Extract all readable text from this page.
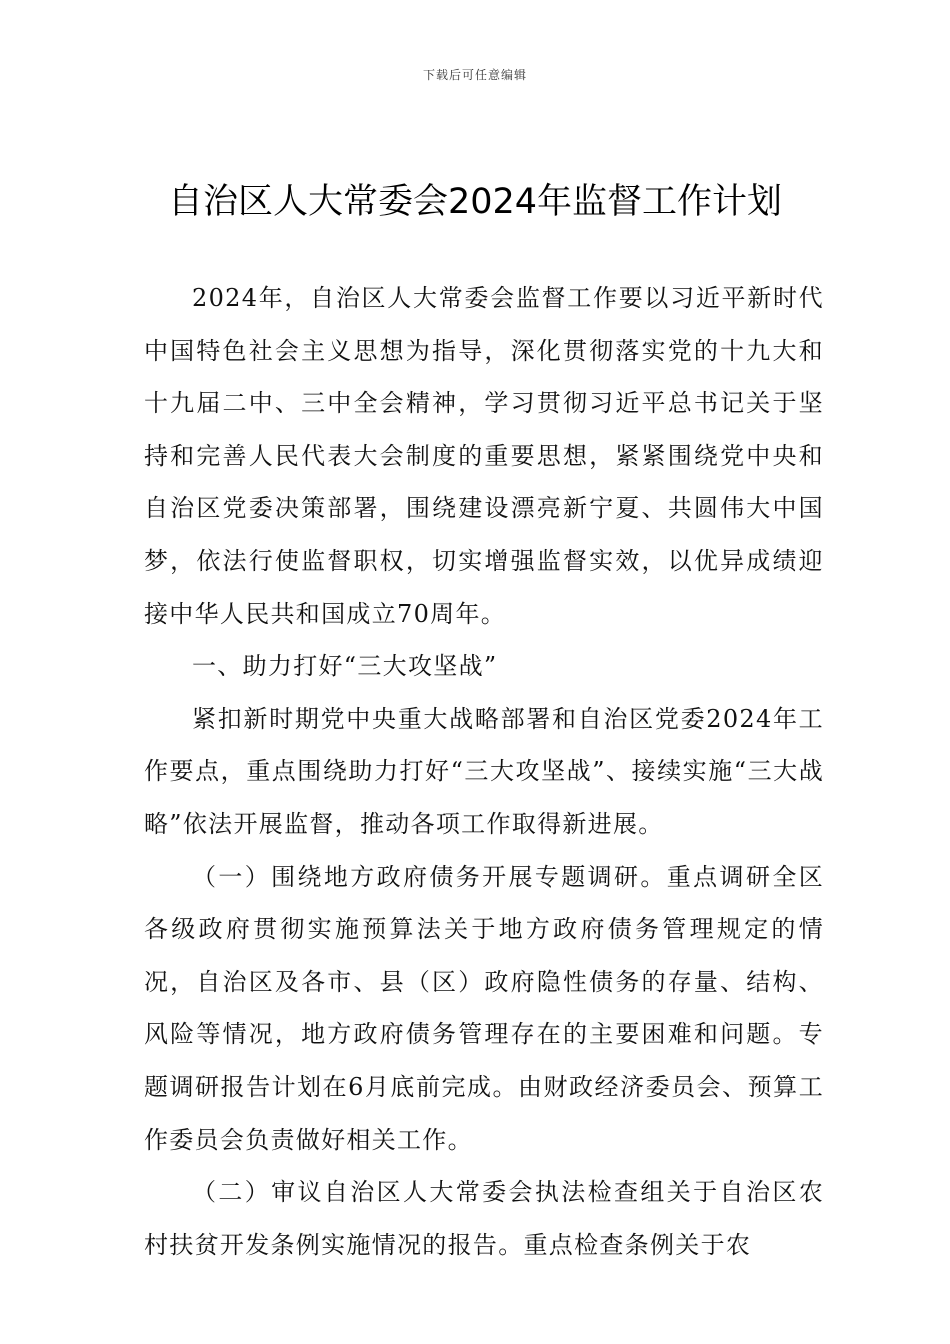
下载后可任意编辑
自治区人大常委会2024年监督工作计划

2024年，自治区人大常委会监督工作要以习近平新时代中国特色社会主义思想为指导，深化贯彻落实党的十九大和十九届二中、三中全会精神，学习贯彻习近平总书记关于坚持和完善人民代表大会制度的重要思想，紧紧围绕党中央和自治区党委决策部署，围绕建设漂亮新宁夏、共圆伟大中国梦，依法行使监督职权，切实增强监督实效，以优异成绩迎接中华人民共和国成立70周年。

一、助力打好“三大攻坚战”

紧扣新时期党中央重大战略部署和自治区党委2024年工作要点，重点围绕助力打好“三大攻坚战”、接续实施“三大战略”依法开展监督，推动各项工作取得新进展。

（一）围绕地方政府债务开展专题调研。重点调研全区各级政府贯彻实施预算法关于地方政府债务管理规定的情况，自治区及各市、县（区）政府隐性债务的存量、结构、风险等情况，地方政府债务管理存在的主要困难和问题。专题调研报告计划在6月底前完成。由财政经济委员会、预算工作委员会负责做好相关工作。

（二）审议自治区人大常委会执法检查组关于自治区农村扶贫开发条例实施情况的报告。重点检查条例关于农
